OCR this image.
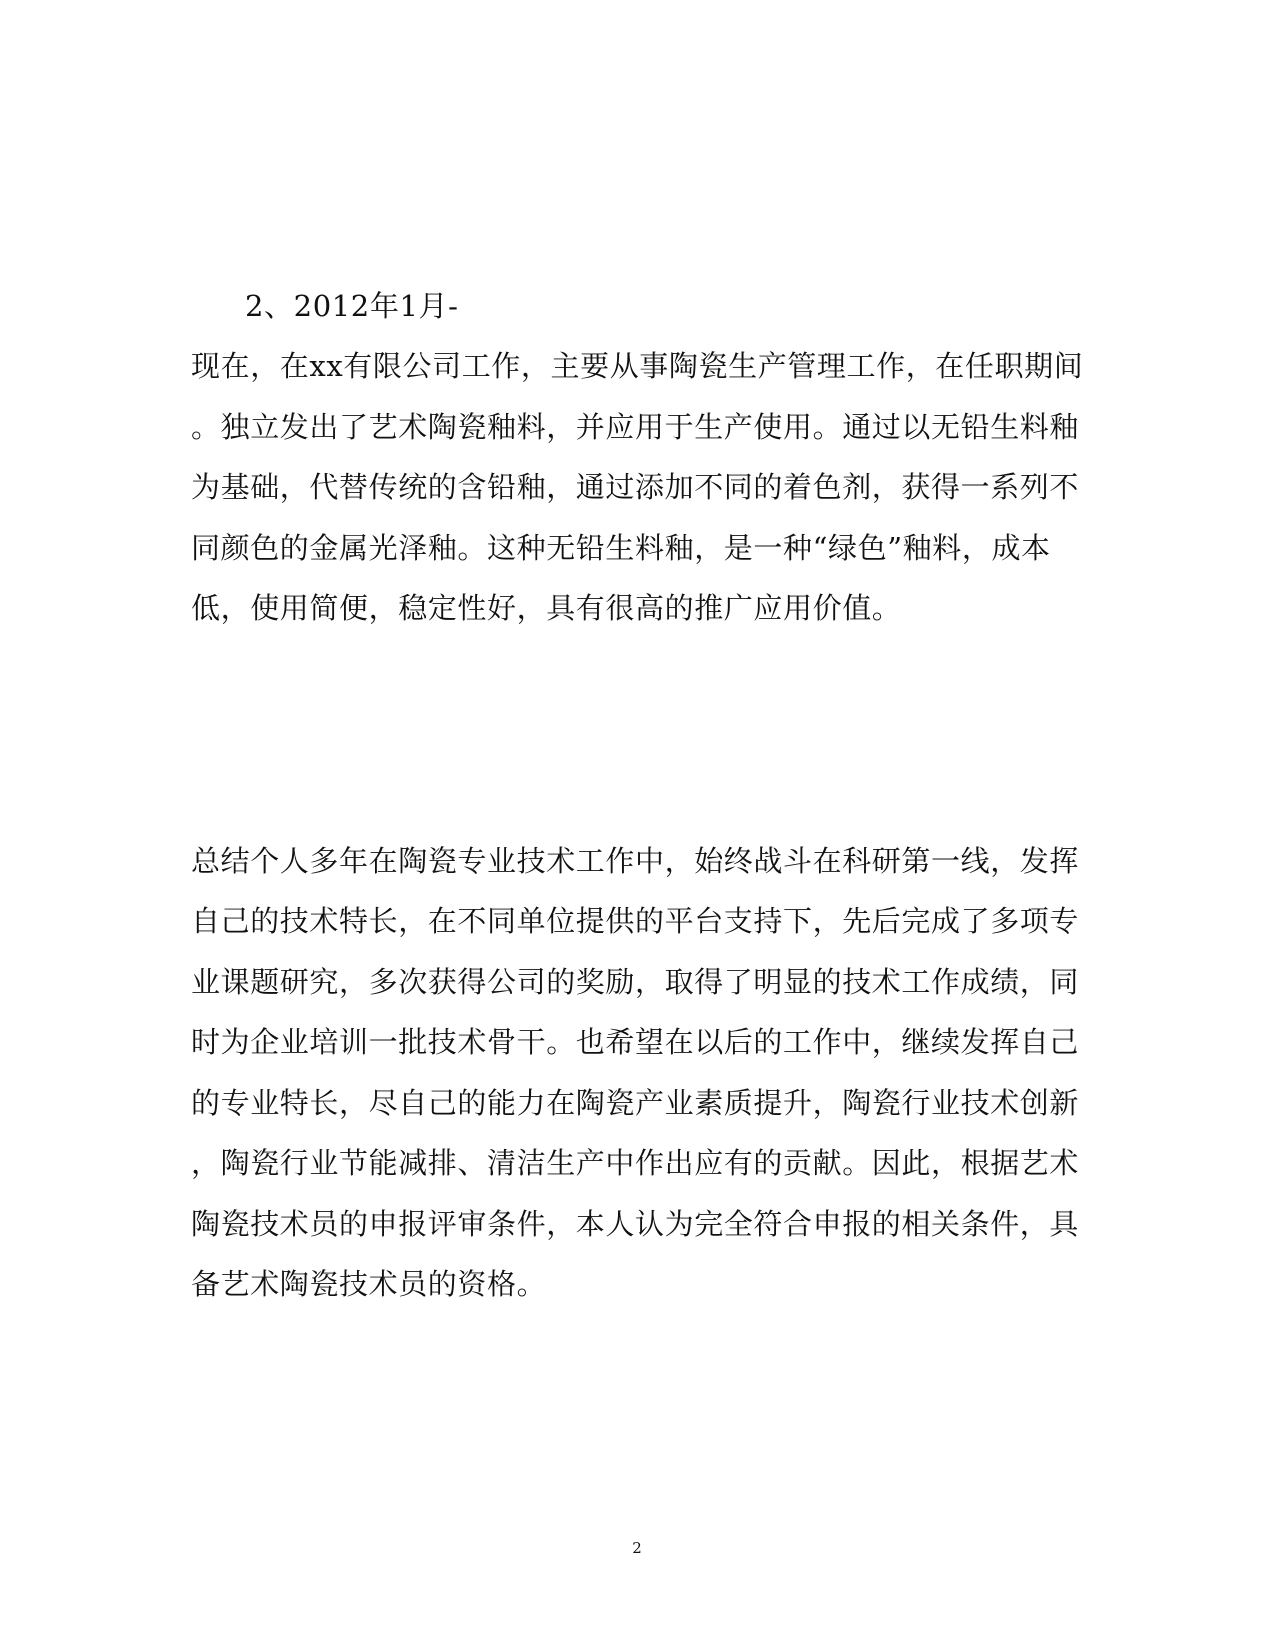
2、2012年1月-
现在，在xx有限公司工作，主要从事陶瓷生产管理工作，在任职期间
。独立发出了艺术陶瓷釉料，并应用于生产使用。通过以无铅生料釉
为基础，代替传统的含铅釉，通过添加不同的着色剂，获得一系列不
同颜色的金属光泽釉。这种无铅生料釉，是一种“绿色”釉料，成本
低，使用简便，稳定性好，具有很高的推广应用价值。
总结个人多年在陶瓷专业技术工作中，始终战斗在科研第一线，发挥
自己的技术特长，在不同单位提供的平台支持下，先后完成了多项专
业课题研究，多次获得公司的奖励，取得了明显的技术工作成绩，同
时为企业培训一批技术骨干。也希望在以后的工作中，继续发挥自己
的专业特长，尽自己的能力在陶瓷产业素质提升，陶瓷行业技术创新
，陶瓷行业节能减排、清洁生产中作出应有的贡献。因此，根据艺术
陶瓷技术员的申报评审条件，本人认为完全符合申报的相关条件，具
备艺术陶瓷技术员的资格。
2
